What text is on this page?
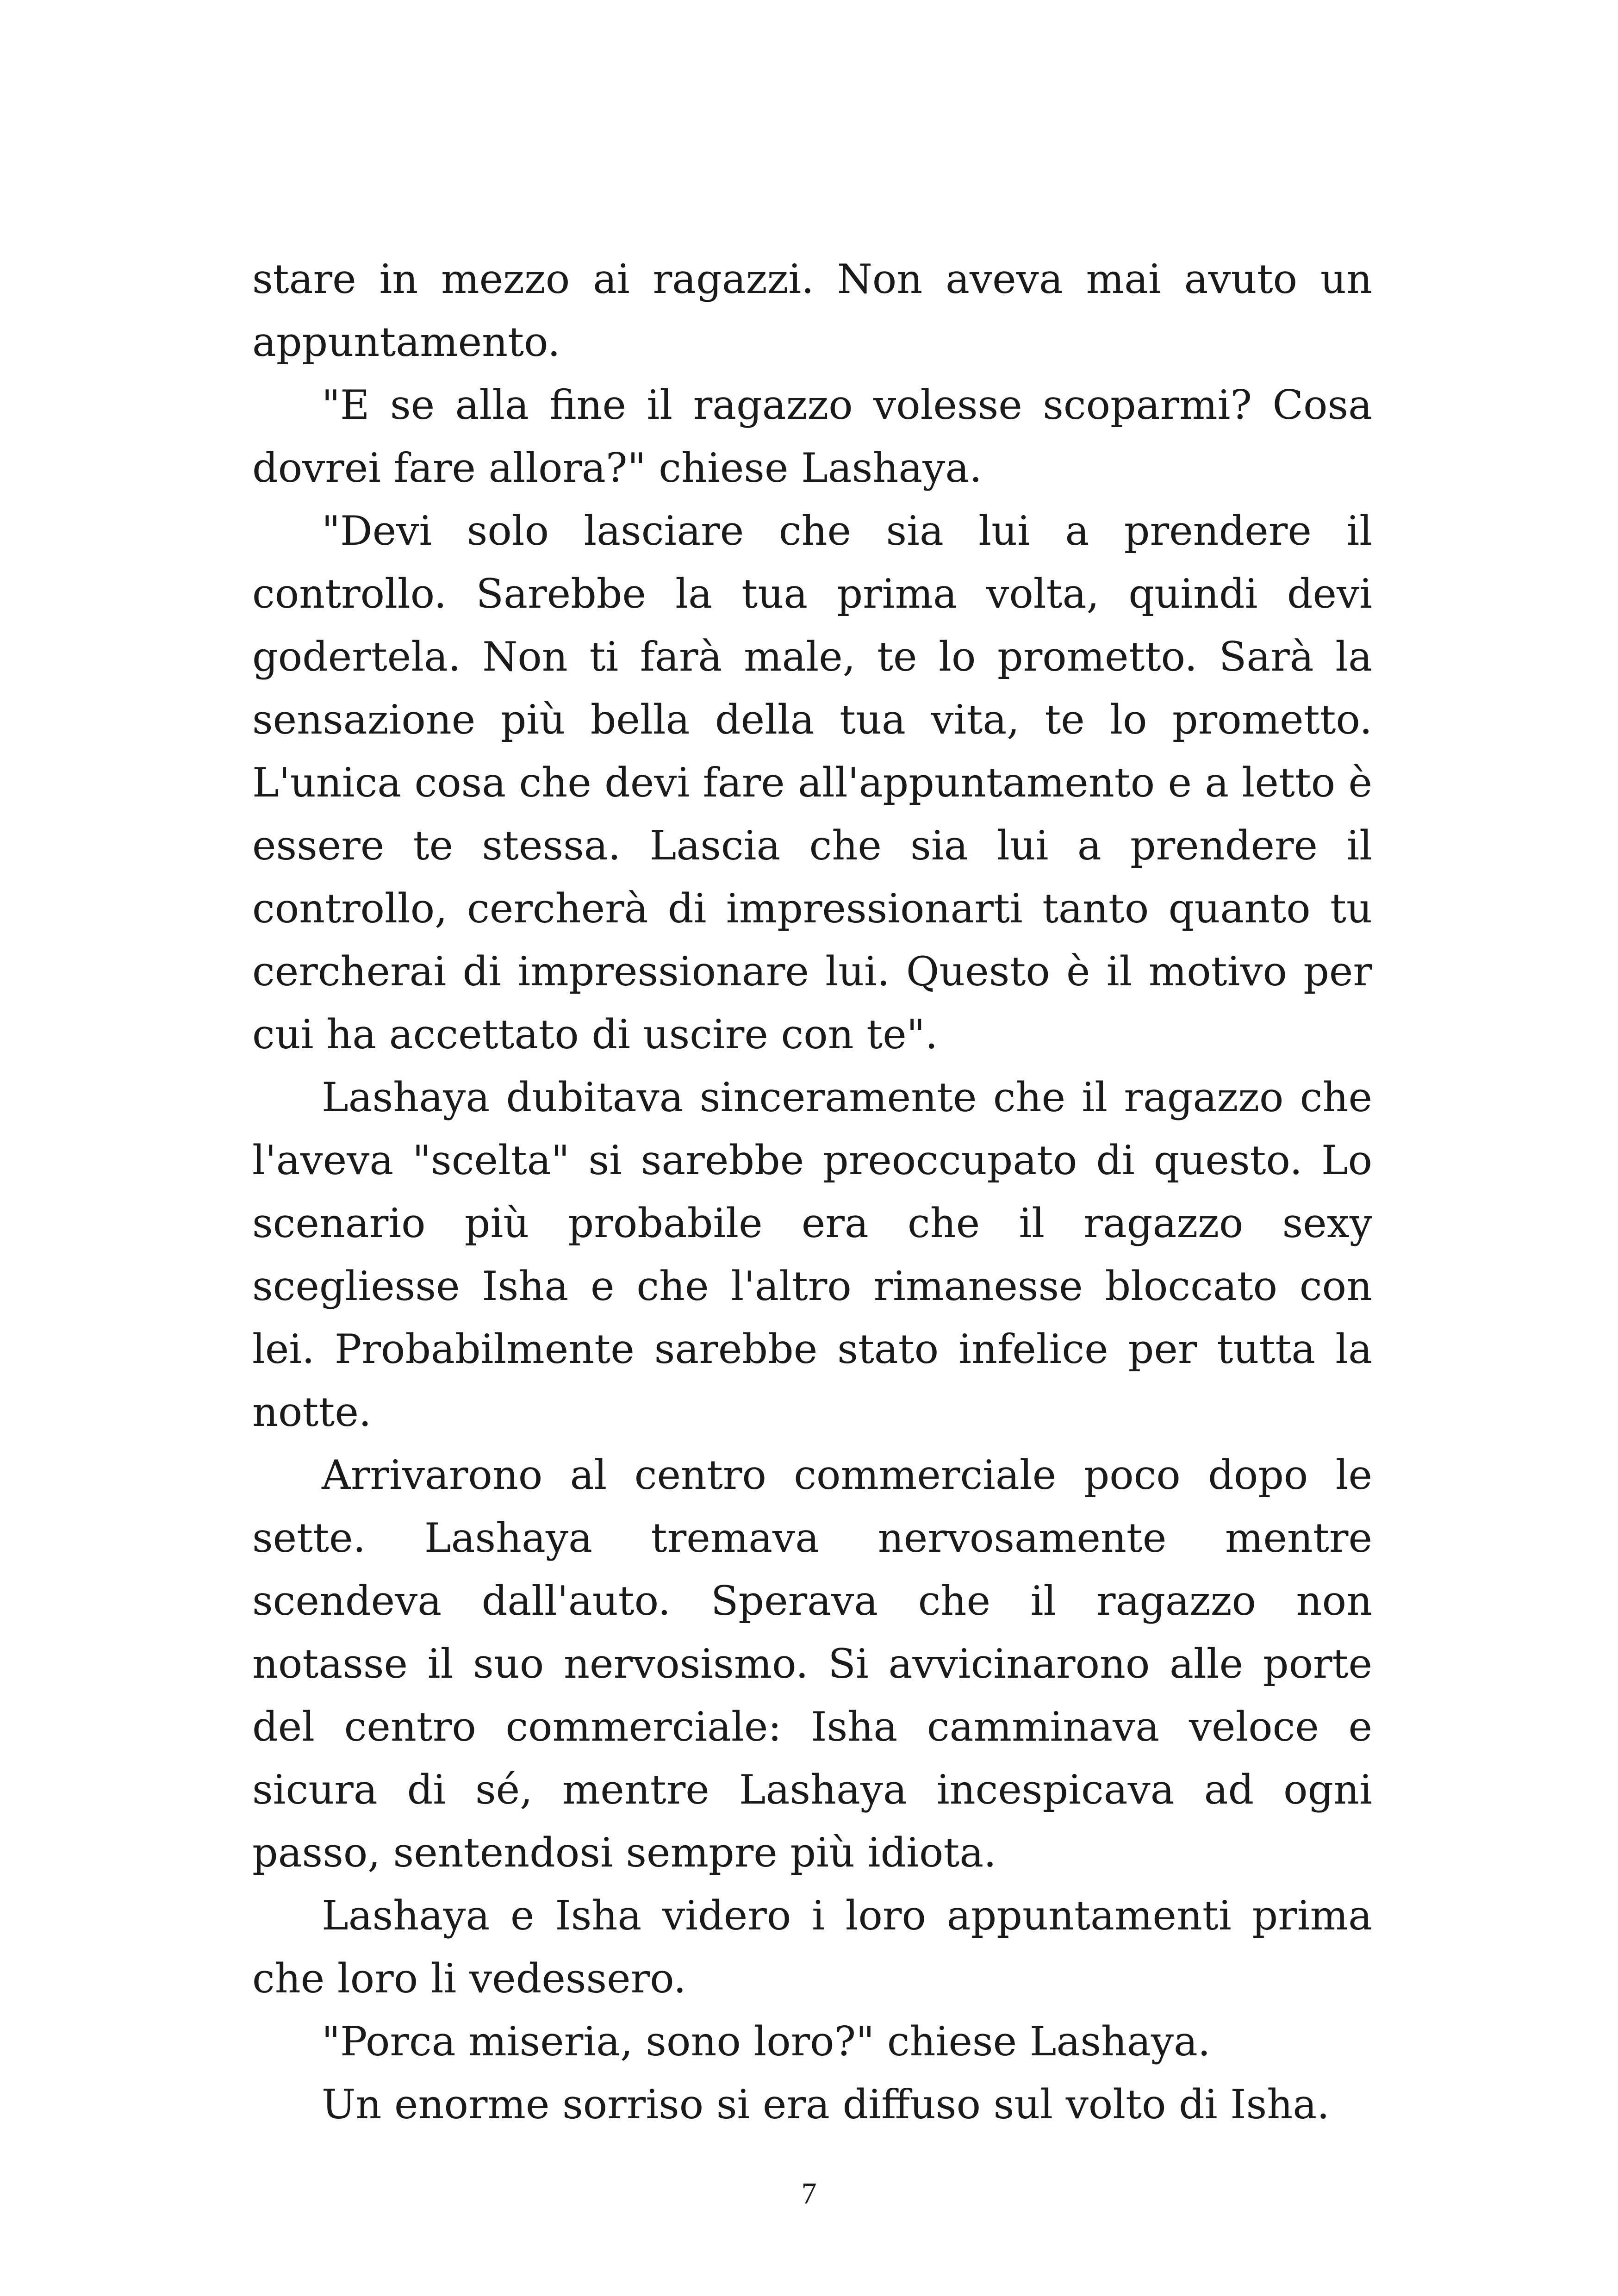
stare in mezzo ai ragazzi. Non aveva mai avuto un appuntamento.

"E se alla fine il ragazzo volesse scoparmi? Cosa dovrei fare allora?" chiese Lashaya.

"Devi solo lasciare che sia lui a prendere il controllo. Sarebbe la tua prima volta, quindi devi godertela. Non ti farà male, te lo prometto. Sarà la sensazione più bella della tua vita, te lo prometto. L'unica cosa che devi fare all'appuntamento e a letto è essere te stessa. Lascia che sia lui a prendere il controllo, cercherà di impressionarti tanto quanto tu cercherai di impressionare lui. Questo è il motivo per cui ha accettato di uscire con te".

Lashaya dubitava sinceramente che il ragazzo che l'aveva "scelta" si sarebbe preoccupato di questo. Lo scenario più probabile era che il ragazzo sexy scegliesse Isha e che l'altro rimanesse bloccato con lei. Probabilmente sarebbe stato infelice per tutta la notte.

Arrivarono al centro commerciale poco dopo le sette. Lashaya tremava nervosamente mentre scendeva dall'auto. Sperava che il ragazzo non notasse il suo nervosismo. Si avvicinarono alle porte del centro commerciale: Isha camminava veloce e sicura di sé, mentre Lashaya incespicava ad ogni passo, sentendosi sempre più idiota.

Lashaya e Isha videro i loro appuntamenti prima che loro li vedessero.

"Porca miseria, sono loro?" chiese Lashaya.

Un enorme sorriso si era diffuso sul volto di Isha.

7
